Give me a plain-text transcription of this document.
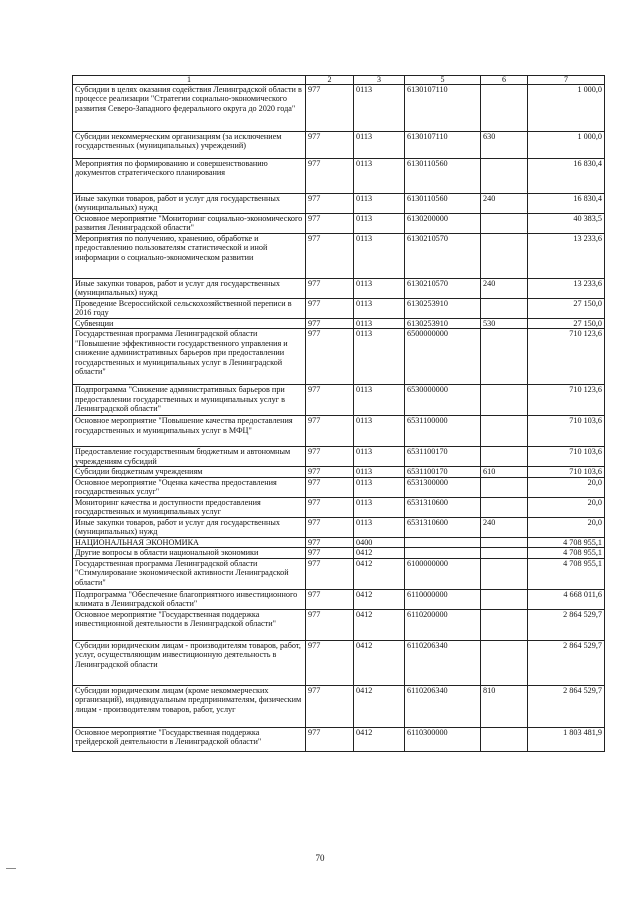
1	2	3	5	6	7
Субсидии в целях оказания содействия Ленинградской области в процессе реализации "Стратегии социально-экономического развития Северо-Западного федерального округа до 2020 года"	977	0113	6130107110		1 000,0
Субсидии некоммерческим организациям (за исключением государственных (муниципальных) учреждений)	977	0113	6130107110	630	1 000,0
Мероприятия по формированию и совершенствованию документов стратегического планирования	977	0113	6130110560		16 830,4
Иные закупки товаров, работ и услуг для государственных (муниципальных) нужд	977	0113	6130110560	240	16 830,4
Основное мероприятие "Мониторинг социально-экономического развития Ленинградской области"	977	0113	6130200000		40 383,5
Мероприятия по получению, хранению, обработке и предоставлению пользователям статистической и иной информации о социально-экономическом развитии	977	0113	6130210570		13 233,6
Иные закупки товаров, работ и услуг для государственных (муниципальных) нужд	977	0113	6130210570	240	13 233,6
Проведение Всероссийской сельскохозяйственной переписи в 2016 году	977	0113	6130253910		27 150,0
Субвенции	977	0113	6130253910	530	27 150,0
Государственная программа Ленинградской области "Повышение эффективности государственного управления и снижение административных барьеров при предоставлении государственных и муниципальных услуг в Ленинградской области"	977	0113	6500000000		710 123,6
Подпрограмма "Снижение административных барьеров при предоставлении государственных и муниципальных услуг в Ленинградской области"	977	0113	6530000000		710 123,6
Основное мероприятие "Повышение качества предоставления государственных и муниципальных услуг в МФЦ"	977	0113	6531100000		710 103,6
Предоставление государственным бюджетным и автономным учреждениям субсидий	977	0113	6531100170		710 103,6
Субсидии бюджетным учреждениям	977	0113	6531100170	610	710 103,6
Основное мероприятие "Оценка качества предоставления государственных услуг"	977	0113	6531300000		20,0
Мониторинг качества и доступности предоставления государственных и муниципальных услуг	977	0113	6531310600		20,0
Иные закупки товаров, работ и услуг для государственных (муниципальных) нужд	977	0113	6531310600	240	20,0
НАЦИОНАЛЬНАЯ ЭКОНОМИКА	977	0400			4 708 955,1
Другие вопросы в области национальной экономики	977	0412			4 708 955,1
Государственная программа Ленинградской области "Стимулирование экономической активности Ленинградской области"	977	0412	6100000000		4 708 955,1
Подпрограмма "Обеспечение благоприятного инвестиционного климата в Ленинградской области"	977	0412	6110000000		4 668 011,6
Основное мероприятие "Государственная поддержка инвестиционной деятельности в Ленинградской области"	977	0412	6110200000		2 864 529,7
Субсидии юридическим лицам - производителям товаров, работ, услуг, осуществляющим инвестиционную деятельность в Ленинградской области	977	0412	6110206340		2 864 529,7
Субсидии юридическим лицам (кроме некоммерческих организаций), индивидуальным предпринимателям, физическим лицам - производителям товаров, работ, услуг	977	0412	6110206340	810	2 864 529,7
Основное мероприятие "Государственная поддержка трейдерской деятельности в Ленинградской области"	977	0412	6110300000		1 803 481,9
70
